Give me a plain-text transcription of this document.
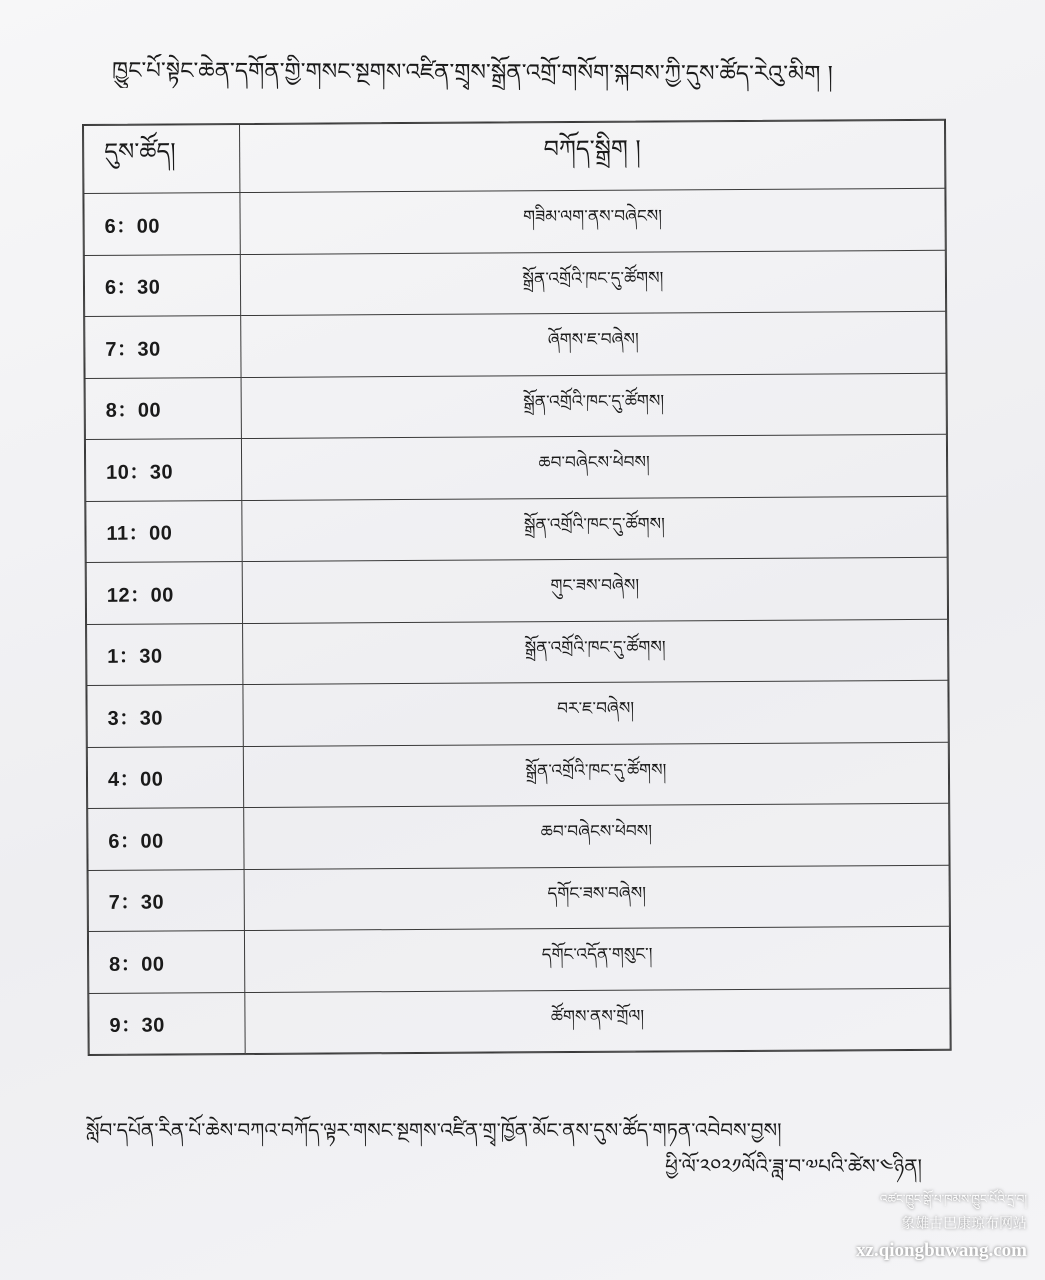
ཁྱུང་པོ་སྟེང་ཆེན་དགོན་གྱི་གསང་སྔགས་འཛིན་གྲྭས་སྒྲོན་འགྲོ་གསོག་སྐབས་ཀྱི་དུས་ཚོད་རེའུ་མིག །
དུས་ཚོད།	བཀོད་སྒྲིག །
6：00	གཟིམ་ལག་ནས་བཞེངས།
6：30	སྒྲོན་འགྲོའི་ཁང་དུ་ཚོགས།
7：30	ཞོགས་ཇ་བཞེས།
8：00	སྒྲོན་འགྲོའི་ཁང་དུ་ཚོགས།
10：30	ཆབ་བཞེངས་ཕེབས།
11：00	སྒྲོན་འགྲོའི་ཁང་དུ་ཚོགས།
12：00	གུང་ཟས་བཞེས།
1：30	སྒྲོན་འགྲོའི་ཁང་དུ་ཚོགས།
3：30	བར་ཇ་བཞེས།
4：00	སྒྲོན་འགྲོའི་ཁང་དུ་ཚོགས།
6：00	ཆབ་བཞེངས་ཕེབས།
7：30	དགོང་ཟས་བཞེས།
8：00	དགོང་འདོན་གསུང་།
9：30	ཚོགས་ནས་གྲོལ།
སློབ་དཔོན་རིན་པོ་ཆེས་བཀའ་བཀོད་ལྟར་གསང་སྔགས་འཛིན་གྲྭ་ཁྱོན་མོང་ནས་དུས་ཚོད་གཏན་འབེབས་བྱས།
ཕྱི་ལོ་༢༠༢༡ལོའི་ཟླ་བ་༧པའི་ཚེས་༤ཉིན།
འཚང་ཁྱུང་སྒོ་པ་ཁམས་ཁྱུང་པོའི་དྲ་བ།
象雄古巴康琼布网站
xz.qiongbuwang.com
